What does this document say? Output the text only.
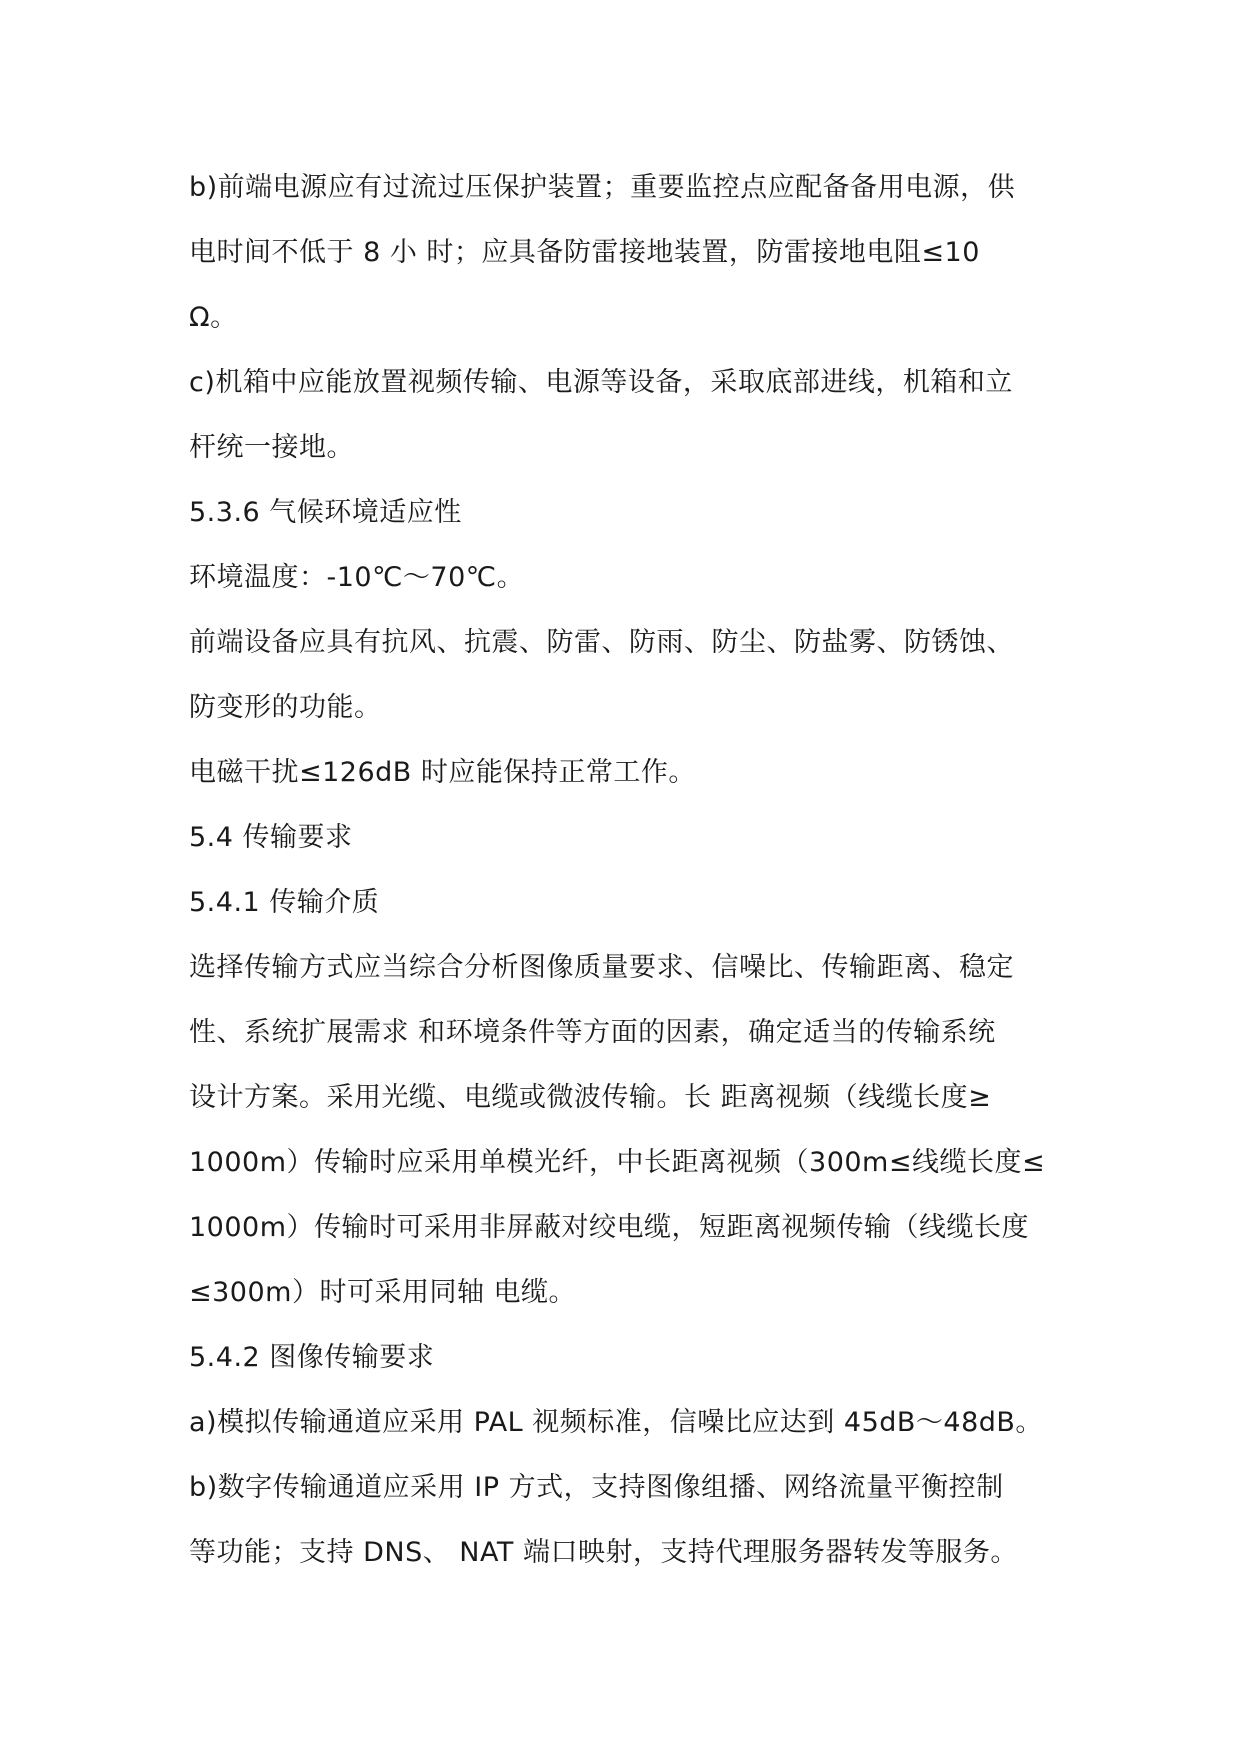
b)前端电源应有过流过压保护装置；重要监控点应配备备用电源，供
电时间不低于 8 小 时；应具备防雷接地装置，防雷接地电阻≤10
Ω。
c)机箱中应能放置视频传输、电源等设备，采取底部进线，机箱和立
杆统一接地。
5.3.6 气候环境适应性
环境温度：-10℃～70℃。
前端设备应具有抗风、抗震、防雷、防雨、防尘、防盐雾、防锈蚀、
防变形的功能。
电磁干扰≤126dB 时应能保持正常工作。
5.4 传输要求
5.4.1 传输介质
选择传输方式应当综合分析图像质量要求、信噪比、传输距离、稳定
性、系统扩展需求 和环境条件等方面的因素，确定适当的传输系统
设计方案。采用光缆、电缆或微波传输。长 距离视频（线缆长度≥
1000m）传输时应采用单模光纤，中长距离视频（300m≤线缆长度≤
1000m）传输时可采用非屏蔽对绞电缆，短距离视频传输（线缆长度
≤300m）时可采用同轴 电缆。
5.4.2 图像传输要求
a)模拟传输通道应采用 PAL 视频标准，信噪比应达到 45dB～48dB。
b)数字传输通道应采用 IP 方式，支持图像组播、网络流量平衡控制
等功能；支持 DNS、 NAT 端口映射，支持代理服务器转发等服务。
